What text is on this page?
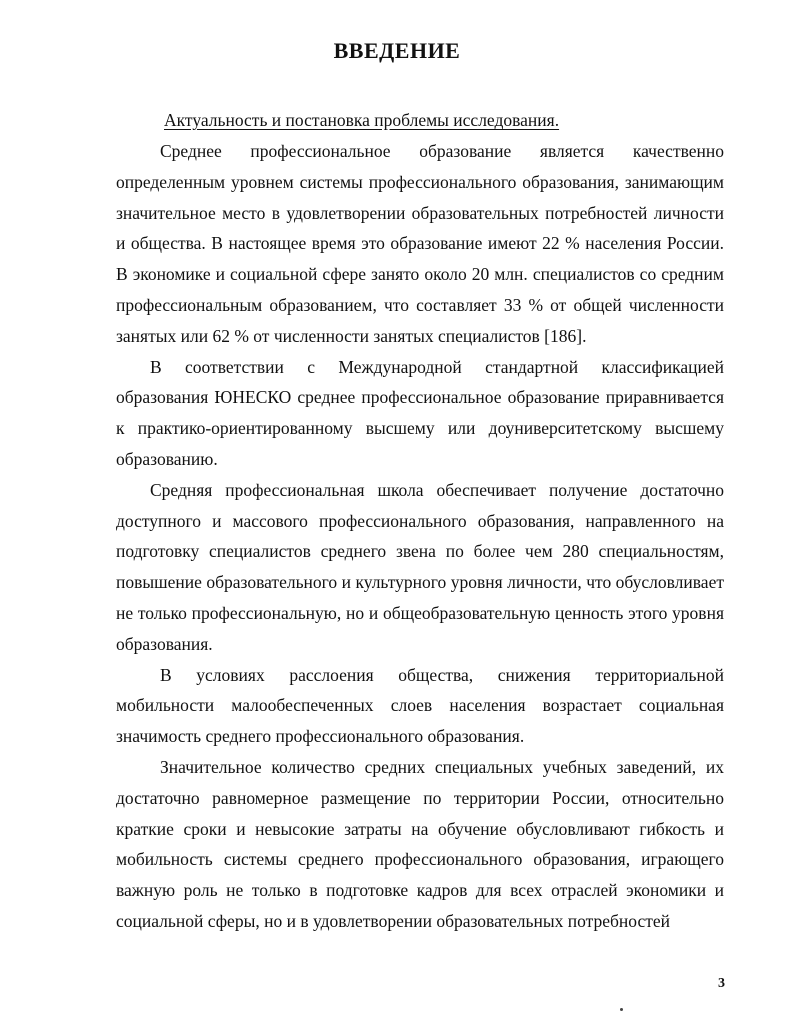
ВВЕДЕНИЕ
Актуальность и постановка проблемы исследования.

Среднее профессиональное образование является качественно определенным уровнем системы профессионального образования, занимающим значительное место в удовлетворении образовательных потребностей личности и общества. В настоящее время это образование имеют 22 % населения России. В экономике и социальной сфере занято около 20 млн. специалистов со средним профессиональным образованием, что составляет 33 % от общей численности занятых или 62 % от численности занятых специалистов [186].

В соответствии с Международной стандартной классификацией образования ЮНЕСКО среднее профессиональное образование приравнивается к практико-ориентированному высшему или доуниверситетскому высшему образованию.

Средняя профессиональная школа обеспечивает получение достаточно доступного и массового профессионального образования, направленного на подготовку специалистов среднего звена по более чем 280 специальностям, повышение образовательного и культурного уровня личности, что обусловливает не только профессиональную, но и общеобразовательную ценность этого уровня образования.

В условиях расслоения общества, снижения территориальной мобильности малообеспеченных слоев населения возрастает социальная значимость среднего профессионального образования.

Значительное количество средних специальных учебных заведений, их достаточно равномерное размещение по территории России, относительно краткие сроки и невысокие затраты на обучение обусловливают гибкость и мобильность системы среднего профессионального образования, играющего важную роль не только в подготовке кадров для всех отраслей экономики и социальной сферы, но и в удовлетворении образовательных потребностей

3
